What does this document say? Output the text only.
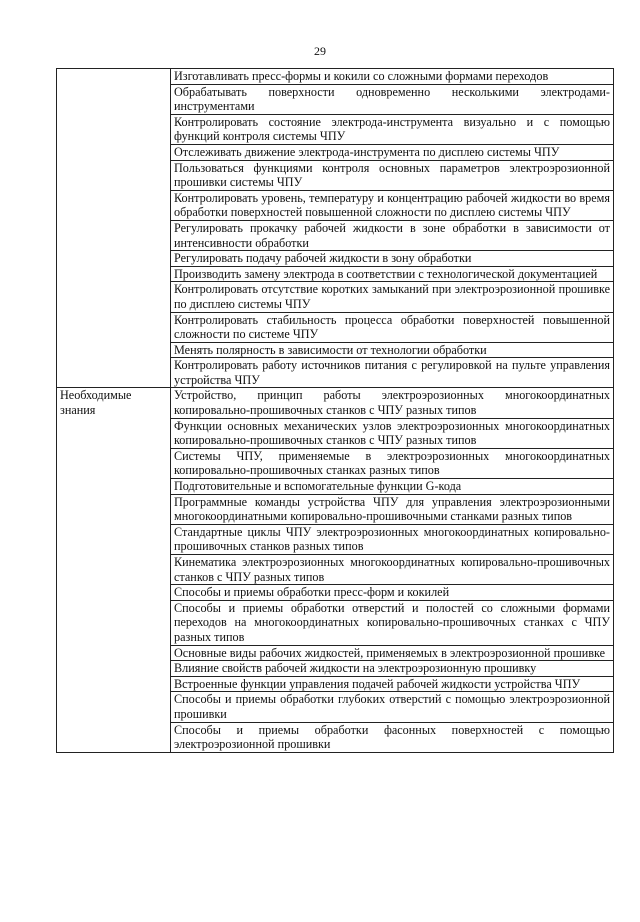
29
	Изготавливать пресс-формы и кокили со сложными формами переходов
	Обрабатывать поверхности одновременно несколькими электродами-инструментами
	Контролировать состояние электрода-инструмента визуально и с помощью функций контроля системы ЧПУ
	Отслеживать движение электрода-инструмента по дисплею системы ЧПУ
	Пользоваться функциями контроля основных параметров электроэрозионной прошивки системы ЧПУ
	Контролировать уровень, температуру и концентрацию рабочей жидкости во время обработки поверхностей повышенной сложности по дисплею системы ЧПУ
	Регулировать прокачку рабочей жидкости в зоне обработки в зависимости от интенсивности обработки
	Регулировать подачу рабочей жидкости в зону обработки
	Производить замену электрода в соответствии с технологической документацией
	Контролировать отсутствие коротких замыканий при электроэрозионной прошивке по дисплею системы ЧПУ
	Контролировать стабильность процесса обработки поверхностей повышенной сложности по системе ЧПУ
	Менять полярность в зависимости от технологии обработки
	Контролировать работу источников питания с регулировкой на пульте управления устройства ЧПУ
Необходимые знания	Устройство, принцип работы электроэрозионных многокоординатных копировально-прошивочных станков с ЧПУ разных типов
	Функции основных механических узлов электроэрозионных многокоординатных копировально-прошивочных станков с ЧПУ разных типов
	Системы ЧПУ, применяемые в электроэрозионных многокоординатных копировально-прошивочных станках разных типов
	Подготовительные и вспомогательные функции G-кода
	Программные команды устройства ЧПУ для управления электроэрозионными многокоординатными копировально-прошивочными станками разных типов
	Стандартные циклы ЧПУ электроэрозионных многокоординатных копировально-прошивочных станков разных типов
	Кинематика электроэрозионных многокоординатных копировально-прошивочных станков с ЧПУ разных типов
	Способы и приемы обработки пресс-форм и кокилей
	Способы и приемы обработки отверстий и полостей со сложными формами переходов на многокоординатных копировально-прошивочных станках с ЧПУ разных типов
	Основные виды рабочих жидкостей, применяемых в электроэрозионной прошивке
	Влияние свойств рабочей жидкости на электроэрозионную прошивку
	Встроенные функции управления подачей рабочей жидкости устройства ЧПУ
	Способы и приемы обработки глубоких отверстий с помощью электроэрозионной прошивки
	Способы и приемы обработки фасонных поверхностей с помощью электроэрозионной прошивки
